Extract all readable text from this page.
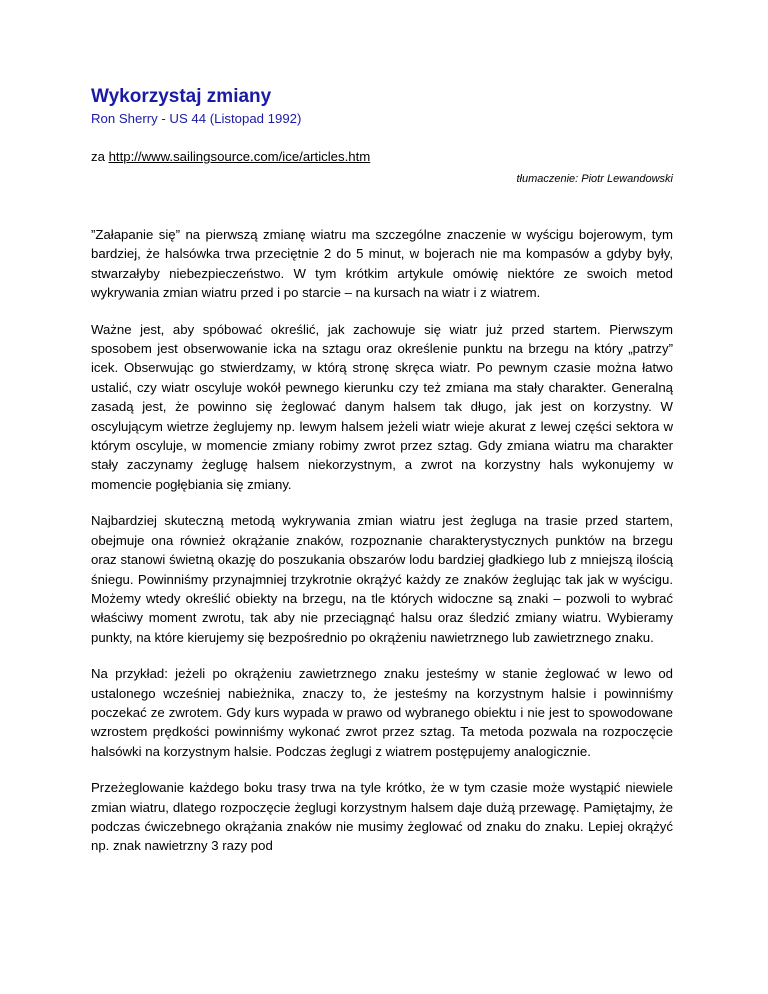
Wykorzystaj zmiany

Ron Sherry - US 44 (Listopad 1992)

za http://www.sailingsource.com/ice/articles.htm

tłumaczenie: Piotr Lewandowski

”Załapanie się” na pierwszą zmianę wiatru ma szczególne znaczenie w wyścigu bojerowym, tym bardziej, że halsówka trwa przeciętnie 2 do 5 minut, w bojerach nie ma kompasów a gdyby były, stwarzałyby niebezpieczeństwo. W tym krótkim artykule omówię niektóre ze swoich metod wykrywania zmian wiatru przed i po starcie – na kursach na wiatr i z wiatrem.

Ważne jest, aby spóbować określić, jak zachowuje się wiatr już przed startem. Pierwszym sposobem jest obserwowanie icka na sztagu oraz określenie punktu na brzegu na który „patrzy” icek. Obserwując go stwierdzamy, w którą stronę skręca wiatr. Po pewnym czasie można łatwo ustalić, czy wiatr oscyluje wokół pewnego kierunku czy też zmiana ma stały charakter. Generalną zasadą jest, że powinno się żeglować danym halsem tak długo, jak jest on korzystny. W oscylującym wietrze żeglujemy np. lewym halsem jeżeli wiatr wieje akurat z lewej części sektora w którym oscyluje, w momencie zmiany robimy zwrot przez sztag. Gdy zmiana wiatru ma charakter stały zaczynamy żeglugę halsem niekorzystnym, a zwrot na korzystny hals wykonujemy w momencie pogłębiania się zmiany.

Najbardziej skuteczną metodą wykrywania zmian wiatru jest żegluga na trasie przed startem, obejmuje ona również okrążanie znaków, rozpoznanie charakterystycznych punktów na brzegu oraz stanowi świetną okazję do poszukania obszarów lodu bardziej gładkiego lub z mniejszą ilością śniegu. Powinniśmy przynajmniej trzykrotnie okrążyć każdy ze znaków żeglując tak jak w wyścigu. Możemy wtedy określić obiekty na brzegu, na tle których widoczne są znaki – pozwoli to wybrać właściwy moment zwrotu, tak aby nie przeciągnąć halsu oraz śledzić zmiany wiatru. Wybieramy punkty, na które kierujemy się bezpośrednio po okrążeniu nawietrznego lub zawietrznego znaku.

Na przykład: jeżeli po okrążeniu zawietrznego znaku jesteśmy w stanie żeglować w lewo od ustalonego wcześniej nabieżnika, znaczy to, że jesteśmy na korzystnym halsie i powinniśmy poczekać ze zwrotem. Gdy kurs wypada w prawo od wybranego obiektu i nie jest to spowodowane wzrostem prędkości powinniśmy wykonać zwrot przez sztag. Ta metoda pozwala na rozpoczęcie halsówki na korzystnym halsie. Podczas żeglugi z wiatrem postępujemy analogicznie.

Przeżeglowanie każdego boku trasy trwa na tyle krótko, że w tym czasie może wystąpić niewiele zmian wiatru, dlatego rozpoczęcie żeglugi korzystnym halsem daje dużą przewagę. Pamiętajmy, że podczas ćwiczebnego okrążania znaków nie musimy żeglować od znaku do znaku. Lepiej okrążyć np. znak nawietrzny 3 razy pod
